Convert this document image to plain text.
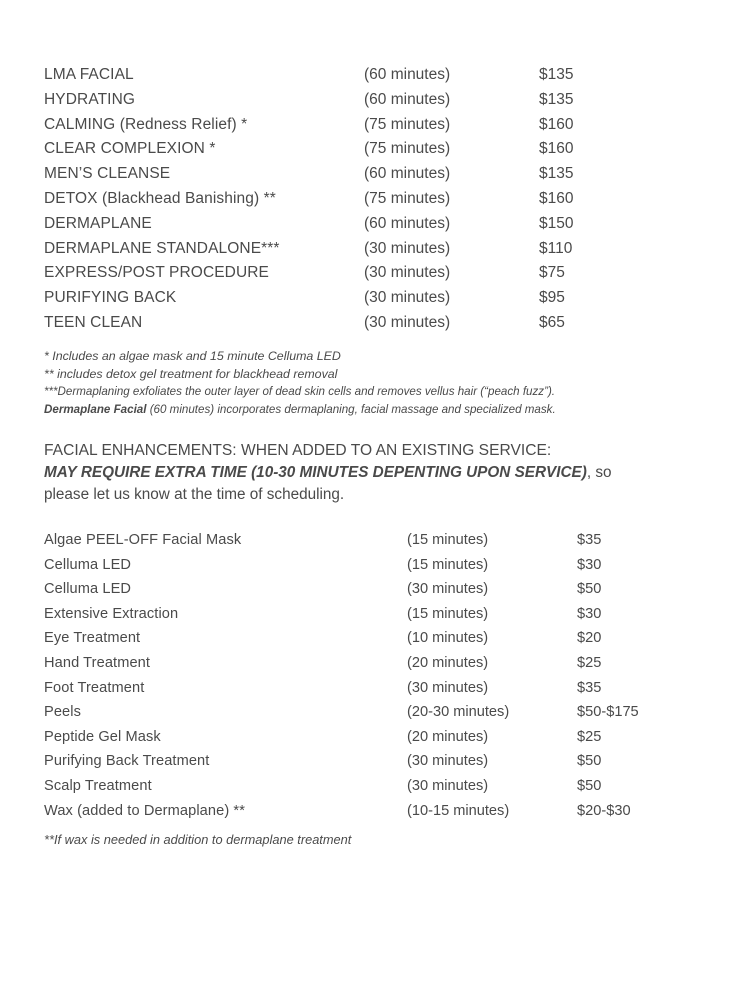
LMA FACIAL	(60 minutes)	$135
HYDRATING	(60 minutes)	$135
CALMING (Redness Relief) *	(75 minutes)	$160
CLEAR COMPLEXION *	(75 minutes)	$160
MEN’S CLEANSE	(60 minutes)	$135
DETOX (Blackhead Banishing) **	(75 minutes)	$160
DERMAPLANE	(60 minutes)	$150
DERMAPLANE STANDALONE***	(30 minutes)	$110
EXPRESS/POST PROCEDURE	(30 minutes)	$75
PURIFYING BACK	(30 minutes)	$95
TEEN CLEAN	(30 minutes)	$65
* Includes an algae mask and 15 minute Celluma LED
** includes detox gel treatment for blackhead removal
***Dermaplaning exfoliates the outer layer of dead skin cells and removes vellus hair (“peach fuzz”).
Dermaplane Facial (60 minutes) incorporates dermaplaning, facial massage and specialized mask.
FACIAL ENHANCEMENTS: WHEN ADDED TO AN EXISTING SERVICE:
MAY REQUIRE EXTRA TIME (10-30 MINUTES DEPENTING UPON SERVICE), so
please let us know at the time of scheduling.
Algae PEEL-OFF Facial Mask	(15 minutes)	$35
Celluma LED	(15 minutes)	$30
Celluma LED	(30 minutes)	$50
Extensive Extraction	(15 minutes)	$30
Eye Treatment	(10 minutes)	$20
Hand Treatment	(20 minutes)	$25
Foot Treatment	(30 minutes)	$35
Peels	(20-30 minutes)	$50-$175
Peptide Gel Mask	(20 minutes)	$25
Purifying Back Treatment	(30 minutes)	$50
Scalp Treatment	(30 minutes)	$50
Wax (added to Dermaplane) **	(10-15 minutes)	$20-$30
**If wax is needed in addition to dermaplane treatment
